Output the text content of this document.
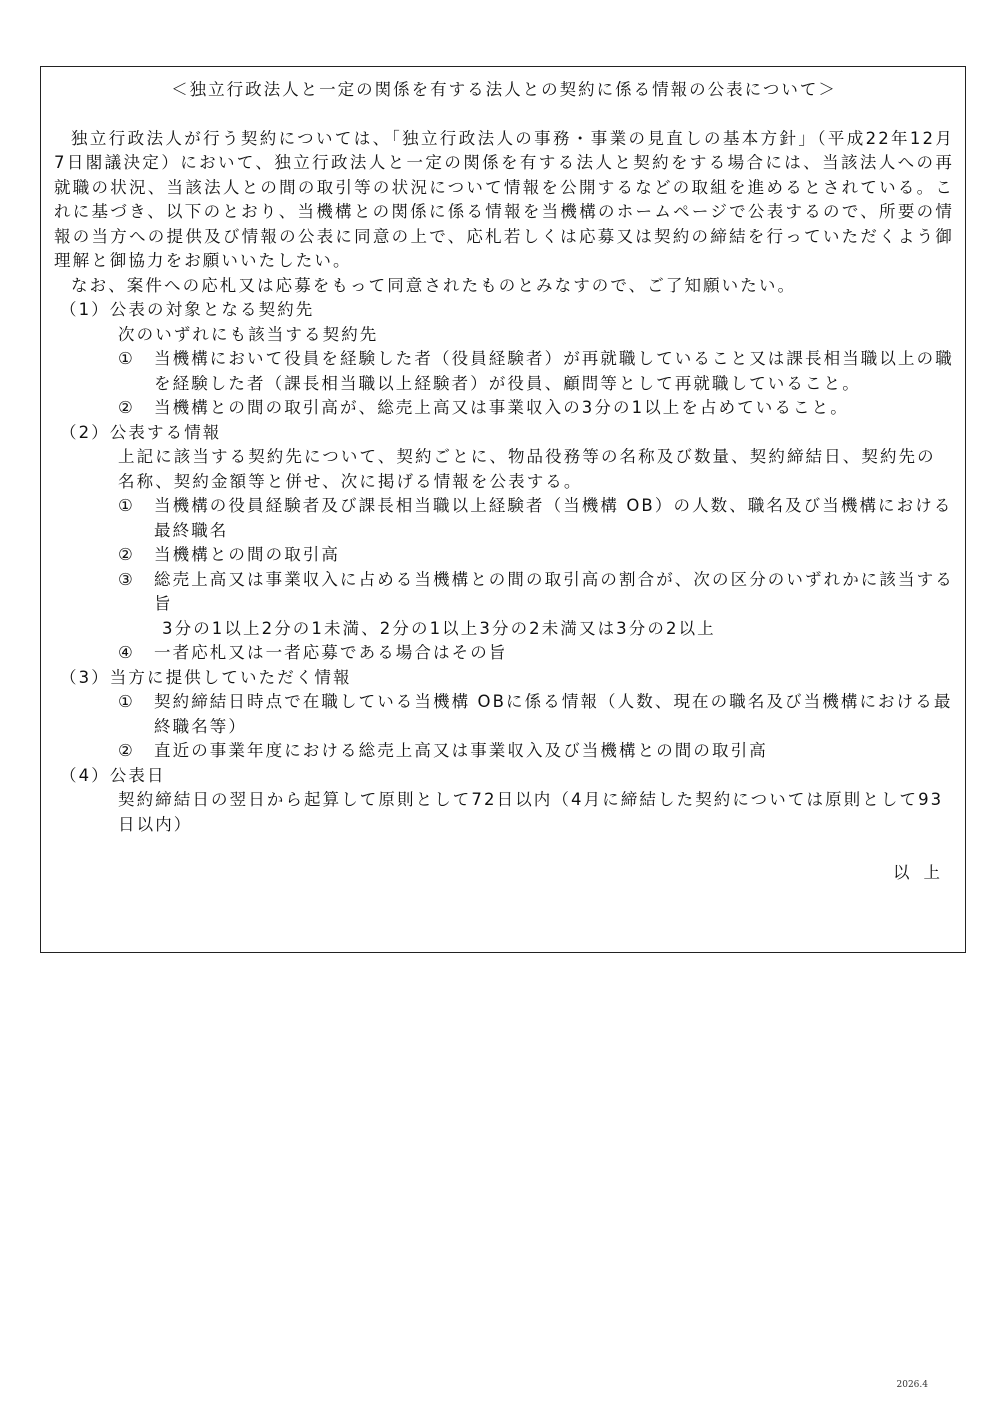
＜独立行政法人と一定の関係を有する法人との契約に係る情報の公表について＞

独立行政法人が行う契約については、「独立行政法人の事務・事業の見直しの基本方針」（平成22年12月7日閣議決定）において、独立行政法人と一定の関係を有する法人と契約をする場合には、当該法人への再就職の状況、当該法人との間の取引等の状況について情報を公開するなどの取組を進めるとされている。これに基づき、以下のとおり、当機構との関係に係る情報を当機構のホームページで公表するので、所要の情報の当方への提供及び情報の公表に同意の上で、応札若しくは応募又は契約の締結を行っていただくよう御理解と御協力をお願いいたしたい。

なお、案件への応札又は応募をもって同意されたものとみなすので、ご了知願いたい。

（1）公表の対象となる契約先

次のいずれにも該当する契約先

①	当機構において役員を経験した者（役員経験者）が再就職していること又は課長相当職以上の職を経験した者（課長相当職以上経験者）が役員、顧問等として再就職していること。
②	当機構との間の取引高が、総売上高又は事業収入の3分の1以上を占めていること。

（2）公表する情報

上記に該当する契約先について、契約ごとに、物品役務等の名称及び数量、契約締結日、契約先の名称、契約金額等と併せ、次に掲げる情報を公表する。

①	当機構の役員経験者及び課長相当職以上経験者（当機構 OB）の人数、職名及び当機構における最終職名
②	当機構との間の取引高
③	総売上高又は事業収入に占める当機構との間の取引高の割合が、次の区分のいずれかに該当する旨

3分の1以上2分の1未満、2分の1以上3分の2未満又は3分の2以上

④	一者応札又は一者応募である場合はその旨

（3）当方に提供していただく情報

①	契約締結日時点で在職している当機構 OBに係る情報（人数、現在の職名及び当機構における最終職名等）
②	直近の事業年度における総売上高又は事業収入及び当機構との間の取引高

（4）公表日

契約締結日の翌日から起算して原則として72日以内（4月に締結した契約については原則として93日以内）

以上

2026.4
